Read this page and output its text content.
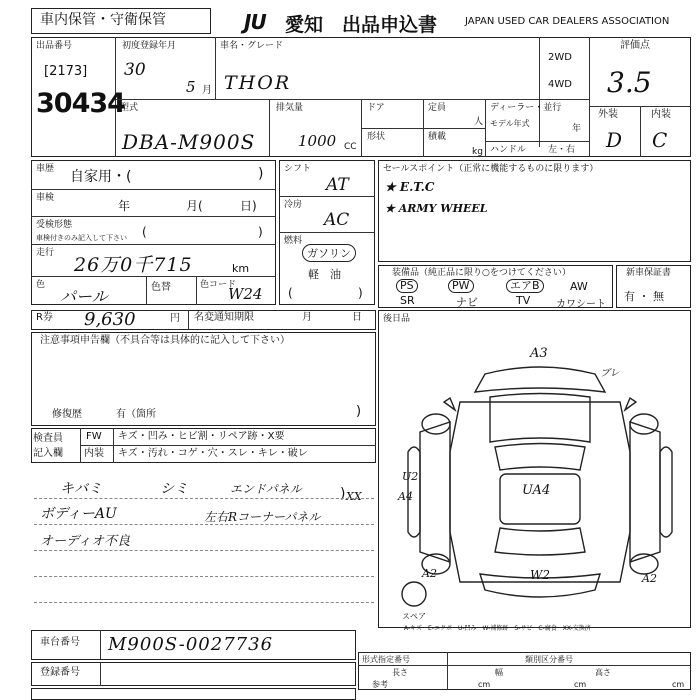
車内保管・守衛保管	JU 愛知 出品申込書	JAPAN USED CAR DEALERS ASSOCIATION
出品番号
[2173]
30434
初度登録年月
30
5 月
車名・グレード
THOR
2WD
4WD
評価点
3.5
外装	内装
D C
型式
DBA-M900S
排気量
1000 CC
ドア	定員
人
形状	積載
kg
ディーラー・並行
モデル年式
年
ハンドル 左・右
車歴 自家用・(	)
車検
年	月(	日)
受検形態
車検付きのみ記入して下さい (	)
走行
26万0千715	km
色
パール	色替	色コード
W24
シフト
AT
冷房
AC
燃料
ガソリン
軽　油
(	)
セールスポイント（正常に機能するものに限ります）
★ E.T.C
★ ARMY WHEEL
装備品（純正品に限り○をつけてください）
PS	PW	エアB	AW
SR	ナビ	TV	カワシート
新車保証書
有 ・ 無
R券 9,630	円 名変通知期限	月	日 後日品
注意事項申告欄（不具合等は具体的に記入して下さい）
修復歴	有（箇所	)
検査員
記入欄
FW キズ・凹み・ヒビ割・リペア跡・X要
内装 キズ・汚れ・コゲ・穴・スレ・キレ・破レ
キバミ	シミ	エンドパネル
ボディーAU	左右Rコーナーパネル
オーディオ不良
XX
)
A3
ブレ
U2
A4	UA4
A2	A2
W2
スペア
A-キズ　E-エクボ　U-凹み　W-補修跡　S-サビ　C-腐食　XX-交換済
車台番号 M900S-0027736
登録番号
形式指定番号	類別区分番号
長さ	幅	高さ
参考	cm	cm	cm
